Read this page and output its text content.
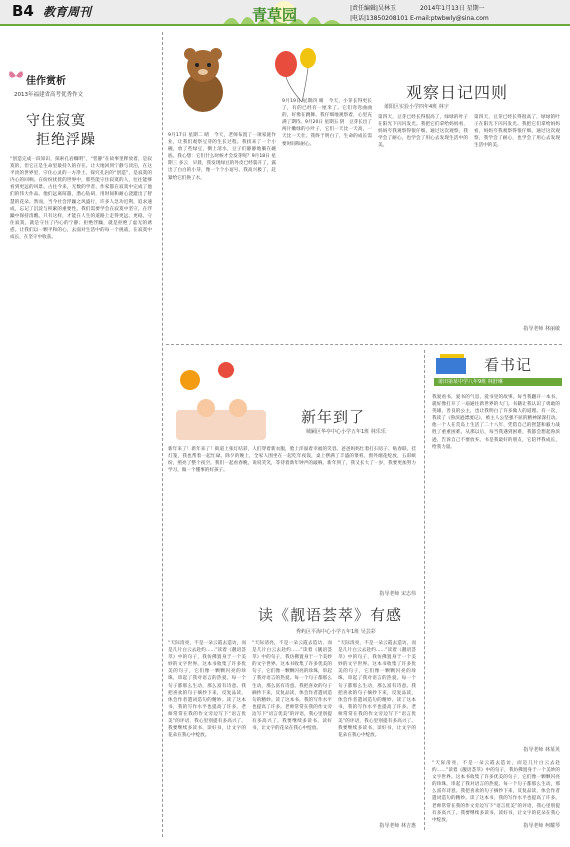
B4 教育周刊	青草园	|责任编辑|吴林玉	2014年1月13日 星期一
|电话|13850208101 E-mail:ptwbwly@sina.com
佳作赏析
2013年福建省高考优秀作文
守住寂寞
拒绝浮躁
“创造完成一段知识，探索孔岩蜘明”，“恬静”在故事里释放着，是寂寞的，但它正是生命里最持久的存在。让大地回到宁静与淡泊，在这平淡的世界里，守住心灵的一方净土。探究孔岩的“创造”，是寂寞的内心的回响。在纷纷扰扰的世界中，那些能守住寂寞的人，往往能够看到更远的风景。古往今来，无数的学者、作家都在寂寞中完成了他们的伟大作品。他们远离喧嚣，潜心钻研，用时间和耐心浇灌出了智慧的花朵。然而，当今社会浮躁之风盛行，许多人急功近利，追求速成，忘记了沉淀与积累的重要性。我们需要学会在寂寞中坚守，在浮躁中保持清醒。只有这样，才能在人生的道路上走得更远、更稳。守住寂寞，就是守住了内心的宁静；拒绝浮躁，就是拒绝了虚无的诱惑。让我们以一颗平和的心，去面对生活中的每一个挑战，在寂寞中成长，在坚守中收获。
观察日记四则
莆阳区实验小学四年4班 林宇
9月17日 星期二 晴　今天，老师布置了一项家庭作业，让我们观察豆芽的生长过程。我找来了一个小碗，放了些绿豆，倒上清水，豆子们静静地躺在碗底。我心想：它们什么时候才会发芽呢？9月18日 星期三 多云　早晨，我发现绿豆的外皮已经裂开了，露出了白白的小芽，像一个个小逗号。我高兴极了，赶紧给它们换了水。
9月19日 星期四 晴　今天，小芽长得更长了，有的已经有一厘米了。它们弯弯曲曲的，好像在跳舞。我仔细地观察着，心里充满了期待。9月20日 星期五 阴　豆芽长出了两片嫩绿的小叶子，它们一天比一天高，一天比一天壮。我终于明白了，生命的成长需要时间和耐心。
第四天，豆芽已经长得很高了，绿绿的叶子在阳光下闪闪发光。我把它们拿给妈妈看，妈妈夸我观察得很仔细。通过这次观察，我学会了耐心，也学会了用心去发现生活中的美。
第四天，豆芽已经长得很高了，绿绿的叶子在阳光下闪闪发光。我把它们拿给妈妈看，妈妈夸我观察得很仔细。通过这次观察，我学会了耐心，也学会了用心去发现生活中的美。
指导老师 林丽敏
新年到了
城厢区华亭中心小学五年1班 林乐乐
新年来了！新年来了！街道上张灯结彩，人们穿着新衣服，脸上洋溢着幸福的笑容。爸爸妈妈忙着打扫房子、贴春联、挂灯笼，我也帮着一起忙碌。除夕的晚上，全家人围坐在一起吃年夜饭，桌上摆满了丰盛的菜肴。窗外烟花绽放，五彩缤纷，照亮了整个夜空。我们一起看春晚，说说笑笑，等待着新年钟声的敲响。新年到了，我又长大了一岁，我要更加努力学习，做一个懂事的好孩子。
指导老师 宋志伟
看书记
莆田第某中学八年9班 林舒琳
我爱看书，爱书的气息，爱书里的故事。每当我翻开一本书，就好像打开了一扇通往新世界的大门。书籍让我认识了勇敢的英雄、善良的公主，也让我明白了许多做人的道理。有一次，我读了《鲁滨逊漂流记》，被主人公坚强不屈的精神深深打动。他一个人在荒岛上生活了二十八年，凭借自己的智慧和毅力战胜了重重困难。从那以后，每当我遇到困难，我都会想起鲁滨逊，告诉自己不要放弃。书是我最好的朋友，它陪伴我成长，给我力量。
指导老师 林某英
“天际清亮，不是一朵云霞去造访，而是几片白云去赴约……”读着《靓语荟萃》中的句子，我仿佛置身于一个美妙的文字世界。这本书收集了许多优美的句子，它们像一颗颗闪亮的珍珠，串起了我对语言的热爱。每一个句子都那么生动，那么富有诗意。我把喜欢的句子摘抄下来，反复品读，体会作者遣词造句的精妙。读了这本书，我的写作水平也提高了许多。老师常常在我的作文旁边写下“语言优美”的评语，我心里别提有多高兴了。我要继续多读书、读好书，让文字的花朵在我心中绽放。
读《靓语荟萃》有感
秀屿区平海中心小学五年1班 吴芸彩
“天际清亮，不是一朵云霞去造访，而是几片白云去赴约……”读着《靓语荟萃》中的句子，我仿佛置身于一个美妙的文字世界。这本书收集了许多优美的句子，它们像一颗颗闪亮的珍珠，串起了我对语言的热爱。每一个句子都那么生动，那么富有诗意。我把喜欢的句子摘抄下来，反复品读，体会作者遣词造句的精妙。读了这本书，我的写作水平也提高了许多。老师常常在我的作文旁边写下“语言优美”的评语，我心里别提有多高兴了。我要继续多读书、读好书，让文字的花朵在我心中绽放。
“天际清亮，不是一朵云霞去造访，而是几片白云去赴约……”读着《靓语荟萃》中的句子，我仿佛置身于一个美妙的文字世界。这本书收集了许多优美的句子，它们像一颗颗闪亮的珍珠，串起了我对语言的热爱。每一个句子都那么生动，那么富有诗意。我把喜欢的句子摘抄下来，反复品读，体会作者遣词造句的精妙。读了这本书，我的写作水平也提高了许多。老师常常在我的作文旁边写下“语言优美”的评语，我心里别提有多高兴了。我要继续多读书、读好书，让文字的花朵在我心中绽放。
“天际清亮，不是一朵云霞去造访，而是几片白云去赴约……”读着《靓语荟萃》中的句子，我仿佛置身于一个美妙的文字世界。这本书收集了许多优美的句子，它们像一颗颗闪亮的珍珠，串起了我对语言的热爱。每一个句子都那么生动，那么富有诗意。我把喜欢的句子摘抄下来，反复品读，体会作者遣词造句的精妙。读了这本书，我的写作水平也提高了许多。老师常常在我的作文旁边写下“语言优美”的评语，我心里别提有多高兴了。我要继续多读书、读好书，让文字的花朵在我心中绽放。
指导老师 林吉惠	指导老师 柯耀琴
